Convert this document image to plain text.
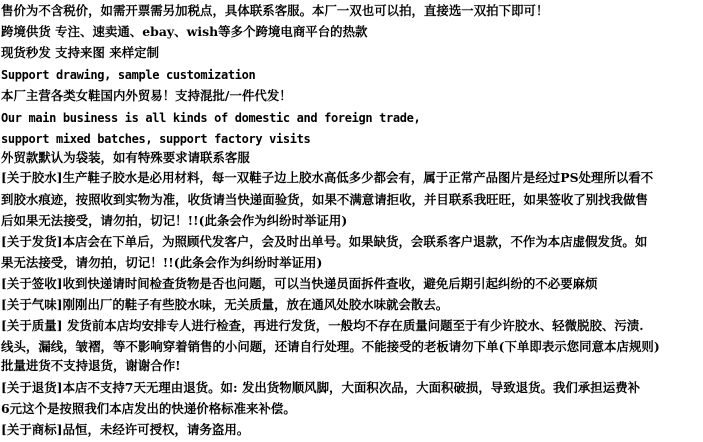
售价为不含税价，如需开票需另加税点，具体联系客服。本厂一双也可以拍，直接选一双拍下即可！
跨境供货 专注、速卖通、ebay、wish等多个跨境电商平台的热款
现货秒发 支持来图 来样定制
Support drawing, sample customization
本厂主营各类女鞋国内外贸易！支持混批/一件代发！
Our main business is all kinds of domestic and foreign trade,
support mixed batches, support factory visits
外贸款默认为袋装，如有特殊要求请联系客服
[关于胶水]生产鞋子胶水是必用材料，每一双鞋子边上胶水高低多少都会有，属于正常产品图片是经过PS处理所以看不
到胶水痕迹，按照收到实物为准，收货请当快递面验货，如果不满意请拒收，并目联系我旺旺，如果签收了别找我做售
后如果无法接受，请勿拍，切记！!!(此条会作为纠纷时举证用)
[关于发货]本店会在下单后，为照顾代发客户，会及时出单号。如果缺货，会联系客户退款，不作为本店虚假发货。如
果无法接受，请勿拍，切记！!!(此条会作为纠纷时举证用)
[关于签收]收到快递请时间检查货物是否也问题，可以当快递员面拆件查收，避免后期引起纠纷的不必要麻烦
[关于气味]刚刚出厂的鞋子有些胶水味，无关质量，放在通风处胶水味就会散去。
[关于质量] 发货前本店均安排专人进行检查，再进行发货，一般均不存在质量问题至于有少许胶水、轻微脱胶、污渍.
线头，漏线，皱褶，等不影响穿着销售的小问题，还请自行处理。不能接受的老板请勿下单(下单即表示您同意本店规则)
批量进货不支持退货，谢谢合作!
[关于退货]本店不支持7天无理由退货。如: 发出货物顺风脚，大面积次品，大面积破损，导致退货。我们承担运费补
6元这个是按照我们本店发出的快递价格标准来补偿。
[关于商标]品恒，未经许可授权，请务盗用。
